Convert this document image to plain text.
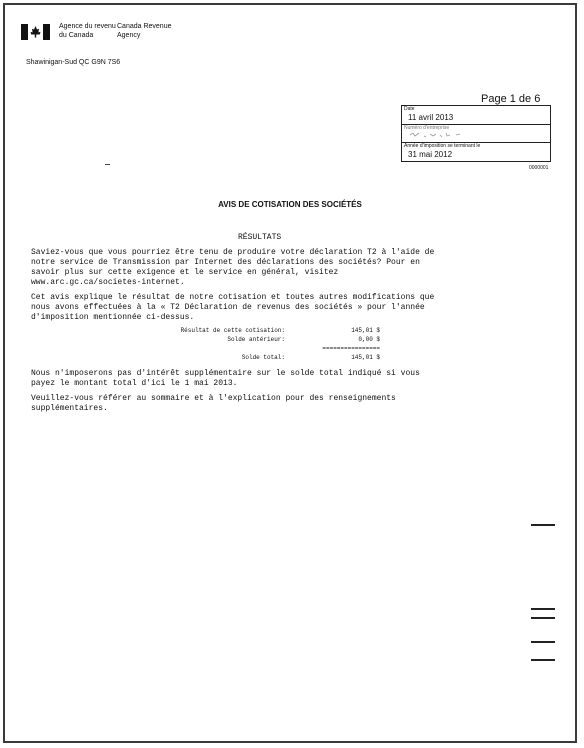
Agence du revenu
du Canada
Canada Revenue
Agency
Shawinigan-Sud QC G9N 7S6
Page 1 de 6
Date
11 avril 2013
Numéro d'entreprise
Année d'imposition se terminant le
31 mai 2012
0000001
AVIS DE COTISATION DES SOCIÉTÉS
RÉSULTATS
Saviez-vous que vous pourriez être tenu de produire votre déclaration T2 à l'aide de
notre service de Transmission par Internet des déclarations des sociétés? Pour en
savoir plus sur cette exigence et le service en général, visitez
www.arc.gc.ca/societes-internet.
Cet avis explique le résultat de notre cotisation et toutes autres modifications que
nous avons effectuées à la « T2 Déclaration de revenus des sociétés » pour l'année
d'imposition mentionnée ci-dessus.
Résultat de cette cotisation:
Solde antérieur:

Solde total:
145,01 $
0,00 $
================
145,01 $
Nous n'imposerons pas d'intérêt supplémentaire sur le solde total indiqué si vous
payez le montant total d'ici le 1 mai 2013.
Veuillez-vous référer au sommaire et à l'explication pour des renseignements
supplémentaires.
